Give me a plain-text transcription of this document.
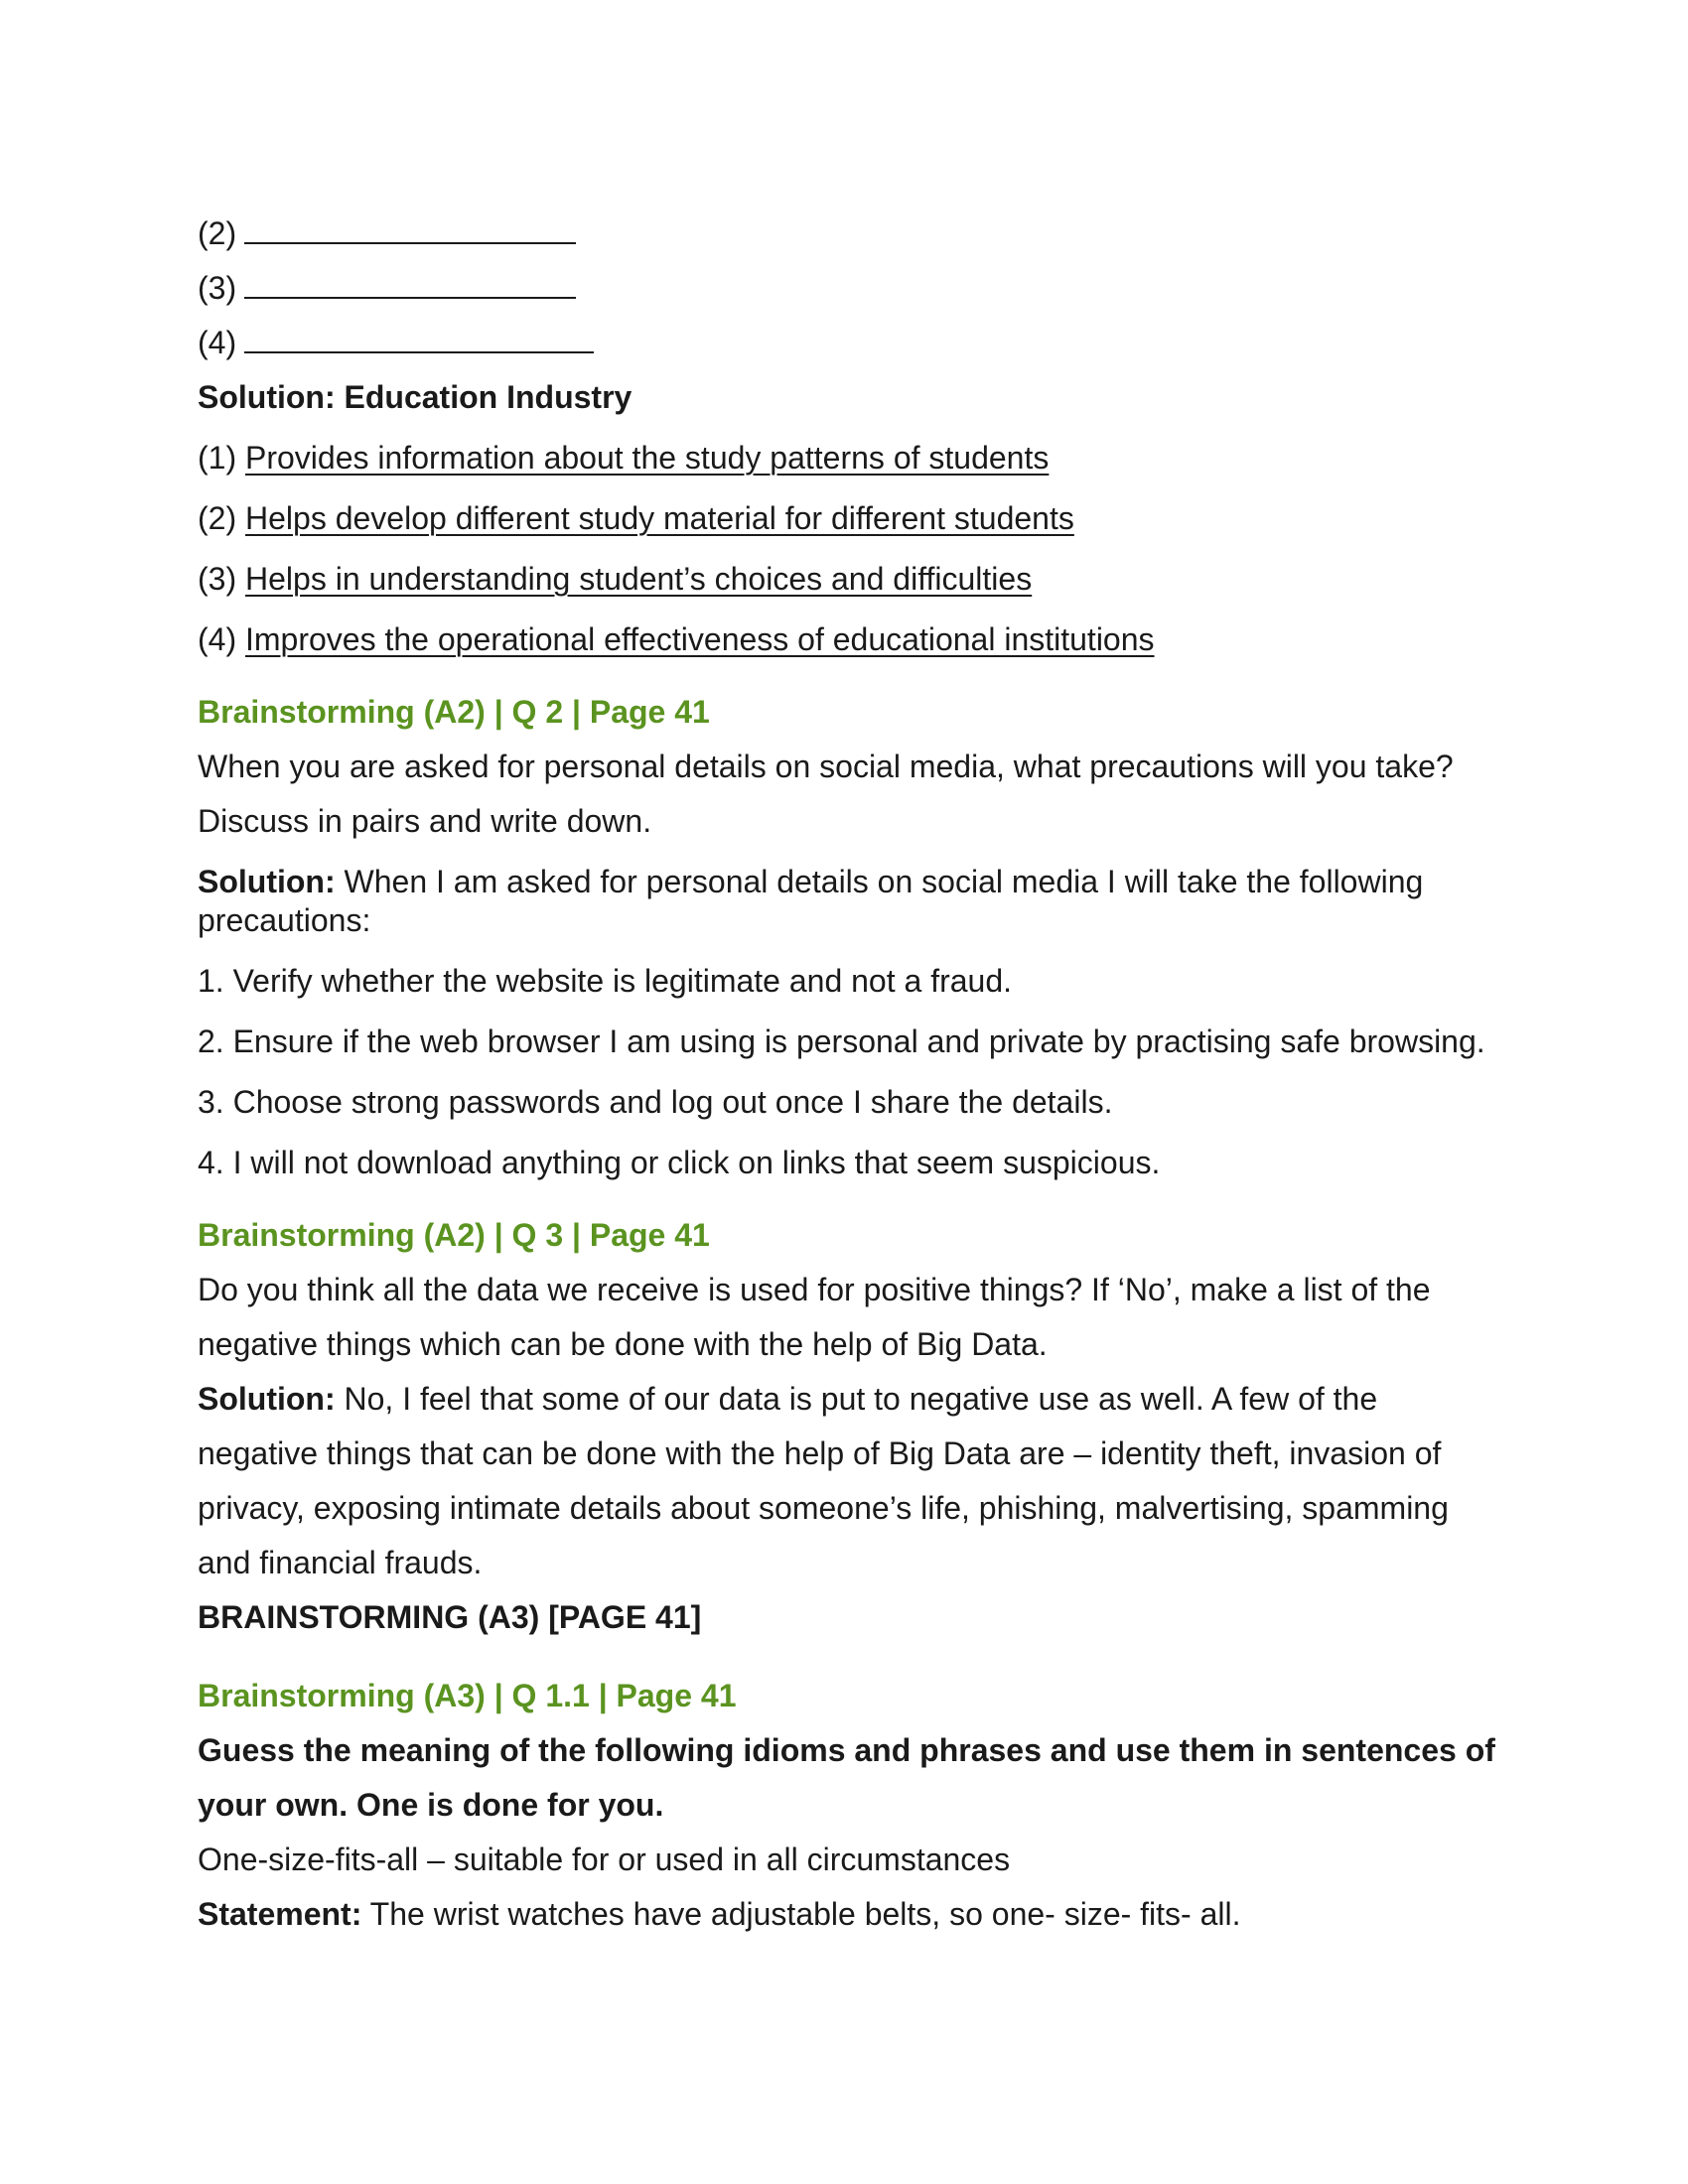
(2)

(3)

(4)

Solution: Education Industry

(1) Provides information about the study patterns of students

(2) Helps develop different study material for different students

(3) Helps in understanding student’s choices and difficulties

(4) Improves the operational effectiveness of educational institutions

Brainstorming (A2) | Q 2 | Page 41

When you are asked for personal details on social media, what precautions will you take? Discuss in pairs and write down.

Solution: When I am asked for personal details on social media I will take the following precautions:

1. Verify whether the website is legitimate and not a fraud.

2. Ensure if the web browser I am using is personal and private by practising safe browsing.

3. Choose strong passwords and log out once I share the details.

4. I will not download anything or click on links that seem suspicious.

Brainstorming (A2) | Q 3 | Page 41

Do you think all the data we receive is used for positive things? If ‘No’, make a list of the negative things which can be done with the help of Big Data.

Solution: No, I feel that some of our data is put to negative use as well. A few of the negative things that can be done with the help of Big Data are – identity theft, invasion of privacy, exposing intimate details about someone’s life, phishing, malvertising, spamming and financial frauds.

BRAINSTORMING (A3) [PAGE 41]

Brainstorming (A3) | Q 1.1 | Page 41

Guess the meaning of the following idioms and phrases and use them in sentences of your own. One is done for you.

One-size-fits-all – suitable for or used in all circumstances

Statement: The wrist watches have adjustable belts, so one- size- fits- all.
